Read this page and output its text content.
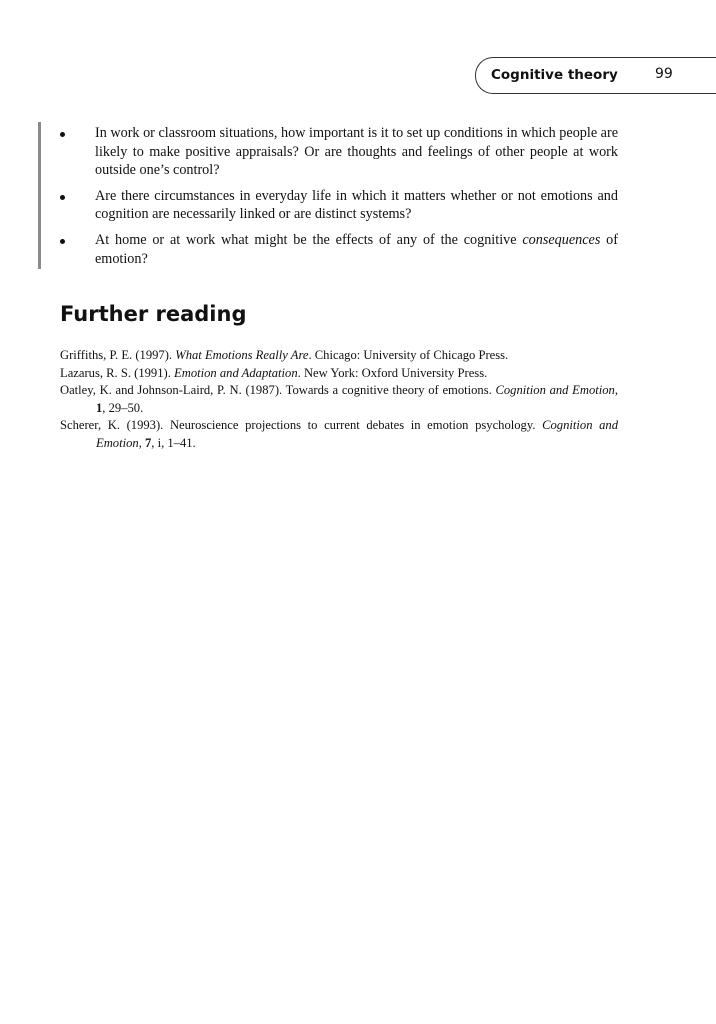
Cognitive theory	99
In work or classroom situations, how important is it to set up conditions in which people are likely to make positive appraisals? Or are thoughts and feelings of other people at work outside one’s control?
Are there circumstances in everyday life in which it matters whether or not emotions and cognition are necessarily linked or are distinct systems?
At home or at work what might be the effects of any of the cognitive consequences of emotion?
Further reading
Griffiths, P. E. (1997). What Emotions Really Are. Chicago: University of Chicago Press.
Lazarus, R. S. (1991). Emotion and Adaptation. New York: Oxford University Press.
Oatley, K. and Johnson-Laird, P. N. (1987). Towards a cognitive theory of emotions. Cognition and Emotion, 1, 29–50.
Scherer, K. (1993). Neuroscience projections to current debates in emotion psychology. Cognition and Emotion, 7, i, 1–41.
